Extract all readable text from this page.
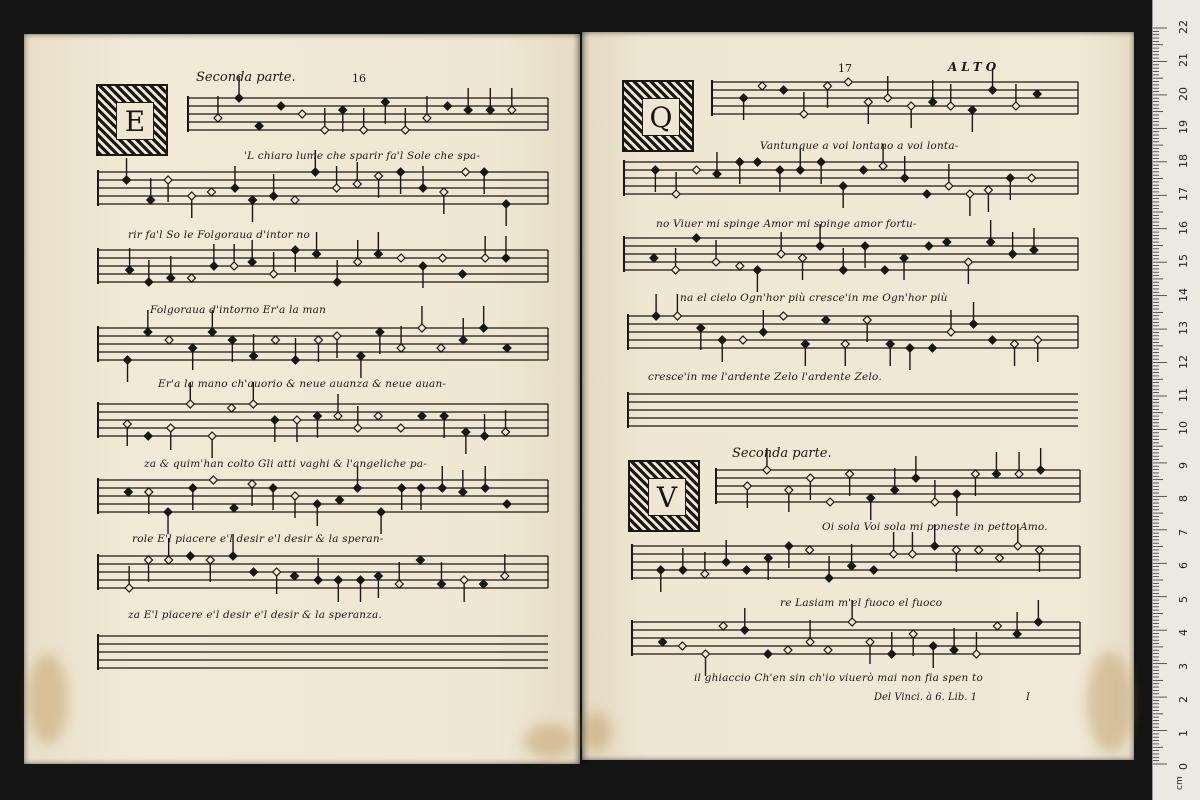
E	Q
V
Seconda parte.	16
'L chiaro lume che sparir fa'l Sole che spa-
rir fa'l So le Folgoraua d'intor no
Folgoraua d'intorno Er'a la man
Er'a la mano ch'auorio & neue auanza & neue auan-
za & quim'han colto Gli atti vaghi & l'angeliche pa-
role E'l piacere e'l desir e'l desir & la speran-
za E'l piacere e'l desir e'l desir & la speranza.
17	ALTO
Vantunque a voi lontano a voi lonta-
no Viuer mi spinge Amor mi spinge amor fortu-
na el cielo Ogn'hor più cresce'in me Ogn'hor più
cresce'in me l'ardente Zelo l'ardente Zelo.
Seconda parte.
Oi sola Voi sola mi poneste in petto Amo.
re Lasiam m'el fuoco el fuoco
il ghiaccio Ch'en sin ch'io viuerò mai non fia spen to
Del Vinci. à 6. Lib. 1	I
22
21
20
19
18
17
16
15
14
13
12
11
10
9
8
7
6
5
4
3
2
1
0
cm
